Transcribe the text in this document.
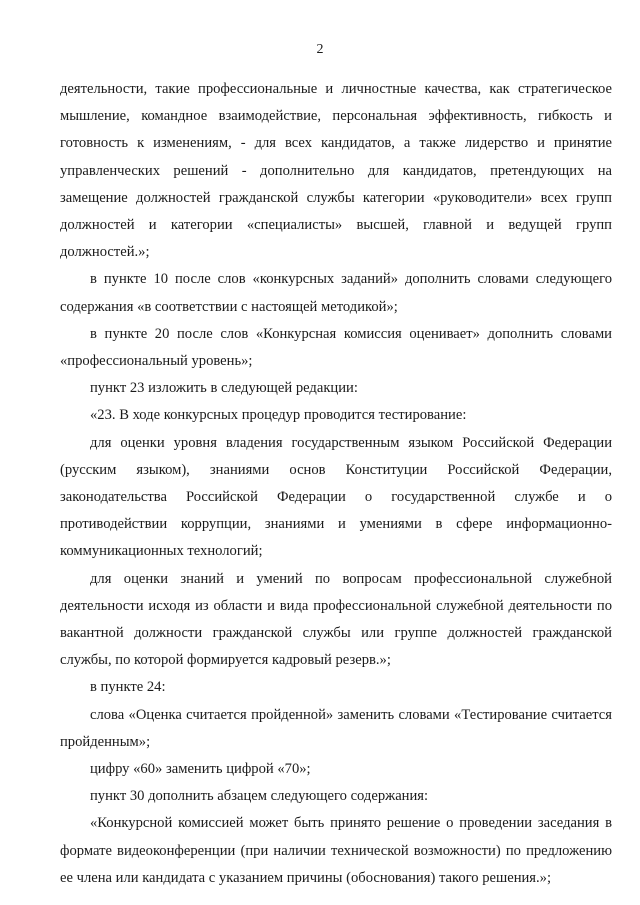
2

деятельности, такие профессиональные и личностные качества, как стратегическое мышление, командное взаимодействие, персональная эффективность, гибкость и готовность к изменениям, - для всех кандидатов, а также лидерство и принятие управленческих решений - дополнительно для кандидатов, претендующих на замещение должностей гражданской службы категории «руководители» всех групп должностей и категории «специалисты» высшей, главной и ведущей групп должностей.»;

в пункте 10 после слов «конкурсных заданий» дополнить словами следующего содержания «в соответствии с настоящей методикой»;

в пункте 20 после слов «Конкурсная комиссия оценивает» дополнить словами «профессиональный уровень»;

пункт 23 изложить в следующей редакции:

«23. В ходе конкурсных процедур проводится тестирование:

для оценки уровня владения государственным языком Российской Федерации (русским языком), знаниями основ Конституции Российской Федерации, законодательства Российской Федерации о государственной службе и о противодействии коррупции, знаниями и умениями в сфере информационно-коммуникационных технологий;

для оценки знаний и умений по вопросам профессиональной служебной деятельности исходя из области и вида профессиональной служебной деятельности по вакантной должности гражданской службы или группе должностей гражданской службы, по которой формируется кадровый резерв.»;

в пункте 24:

слова «Оценка считается пройденной» заменить словами «Тестирование считается пройденным»;

цифру «60» заменить цифрой «70»;

пункт 30 дополнить абзацем следующего содержания:

«Конкурсной комиссией может быть принято решение о проведении заседания в формате видеоконференции (при наличии технической возможности) по предложению ее члена или кандидата с указанием причины (обоснования) такого решения.»;
